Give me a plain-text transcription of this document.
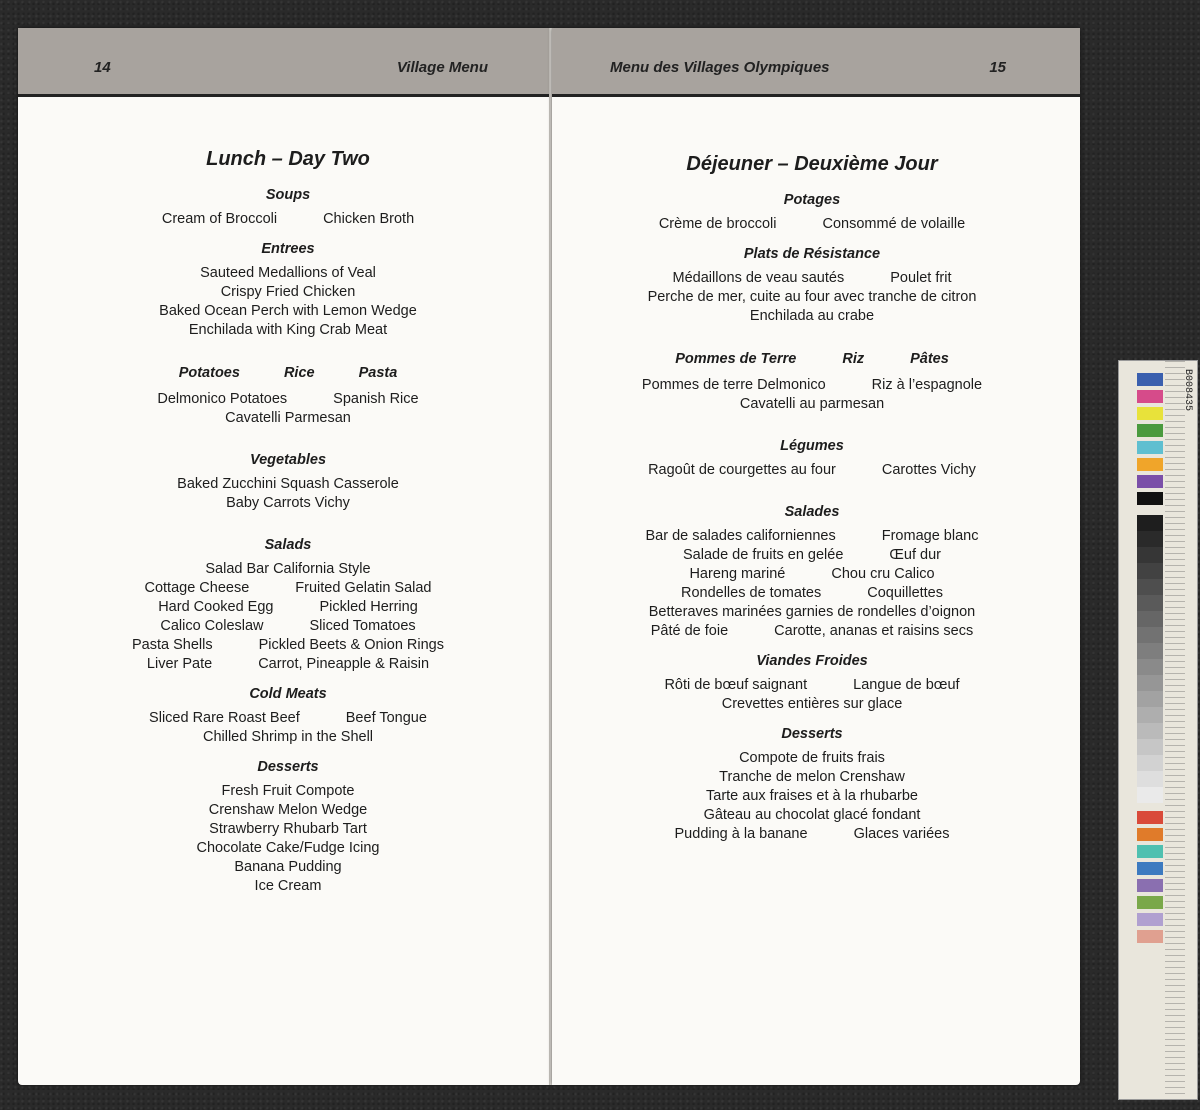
14	Village Menu
Lunch – Day Two
Soups
Cream of Broccoli	Chicken Broth
Entrees
Sauteed Medallions of Veal
Crispy Fried Chicken
Baked Ocean Perch with Lemon Wedge
Enchilada with King Crab Meat
Potatoes	Rice	Pasta
Delmonico Potatoes	Spanish Rice
Cavatelli Parmesan
Vegetables
Baked Zucchini Squash Casserole
Baby Carrots Vichy
Salads
Salad Bar California Style
Cottage Cheese	Fruited Gelatin Salad
Hard Cooked Egg	Pickled Herring
Calico Coleslaw	Sliced Tomatoes
Pasta Shells	Pickled Beets & Onion Rings
Liver Pate	Carrot, Pineapple & Raisin
Cold Meats
Sliced Rare Roast Beef	Beef Tongue
Chilled Shrimp in the Shell
Desserts
Fresh Fruit Compote
Crenshaw Melon Wedge
Strawberry Rhubarb Tart
Chocolate Cake/Fudge Icing
Banana Pudding
Ice Cream
Menu des Villages Olympiques	15
Déjeuner – Deuxième Jour
Potages
Crème de broccoli	Consommé de volaille
Plats de Résistance
Médaillons de veau sautés	Poulet frit
Perche de mer, cuite au four avec tranche de citron
Enchilada au crabe
Pommes de Terre	Riz	Pâtes
Pommes de terre Delmonico	Riz à l’espagnole
Cavatelli au parmesan
Légumes
Ragoût de courgettes au four	Carottes Vichy
Salades
Bar de salades californiennes	Fromage blanc
Salade de fruits en gelée	Œuf dur
Hareng mariné	Chou cru Calico
Rondelles de tomates	Coquillettes
Betteraves marinées garnies de rondelles d’oignon
Pâté de foie	Carotte, ananas et raisins secs
Viandes Froides
Rôti de bœuf saignant	Langue de bœuf
Crevettes entières sur glace
Desserts
Compote de fruits frais
Tranche de melon Crenshaw
Tarte aux fraises et à la rhubarbe
Gâteau au chocolat glacé fondant
Pudding à la banane	Glaces variées
B008435
